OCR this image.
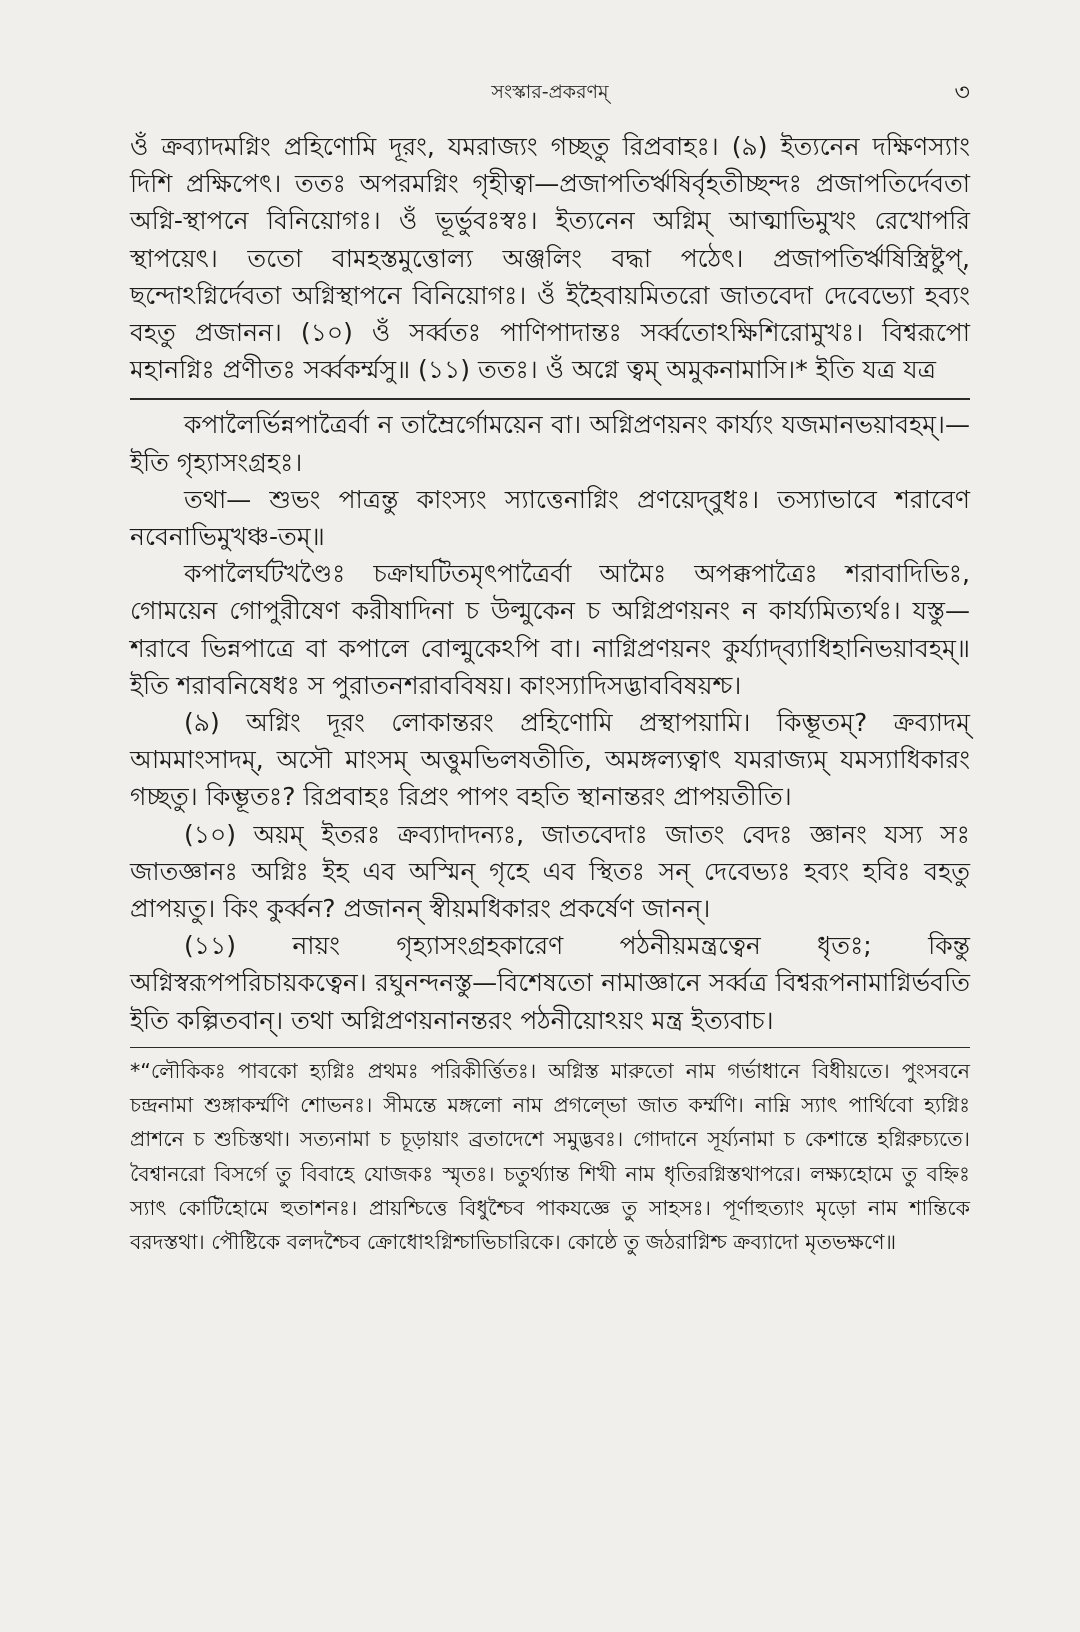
সংস্কার-প্রকরণম্	৩

ওঁ ক্রব্যাদমগ্নিং প্রহিণোমি দূরং, যমরাজ্যং গচ্ছতু রিপ্রবাহঃ। (৯) ইত্যনেন দক্ষিণস্যাং দিশি প্রক্ষিপেৎ। ততঃ অপরমগ্নিং গৃহীত্বা—প্রজাপতির্ঋষির্বৃহতীচ্ছন্দঃ প্রজাপতির্দেবতা অগ্নি-স্থাপনে বিনিয়োগঃ। ওঁ ভূর্ভুবঃস্বঃ। ইত্যনেন অগ্নিম্ আত্মাভিমুখং রেখোপরি স্থাপয়েৎ। ততো বামহস্তমুত্তোল্য অঞ্জলিং বদ্ধা পঠেৎ। প্রজাপতির্ঋষিস্ত্রিষ্টুপ্‌, ছন্দোঽগ্নির্দেবতা অগ্নিস্থাপনে বিনিয়োগঃ। ওঁ ইহৈবায়মিতরো জাতবেদা দেবেভ্যো হব্যং বহতু প্রজানন। (১০) ওঁ সর্ব্বতঃ পাণিপাদান্তঃ সর্ব্বতোঽক্ষিশিরোমুখঃ। বিশ্বরূপো মহানগ্নিঃ প্রণীতঃ সর্ব্বকর্ম্মসু॥ (১১) ততঃ। ওঁ অগ্নে ত্বম্ অমুকনামাসি।* ইতি যত্র যত্র

কপালৈর্ভিন্নপাত্রৈর্বা ন তাম্রৈর্গোময়েন বা। অগ্নিপ্রণয়নং কার্য্যং যজমানভয়াবহম্।—ইতি গৃহ্যাসংগ্রহঃ।

তথা— শুভং পাত্রন্তু কাংস্যং স্যাত্তেনাগ্নিং প্রণয়েদ্‌বুধঃ। তস্যাভাবে শরাবেণ নবেনাভিমুখঞ্চ-তম্॥

কপালৈর্ঘটখণ্ডৈঃ চক্রাঘটিতমৃৎপাত্রৈর্বা আমৈঃ অপক্কপাত্রৈঃ শরাবাদিভিঃ, গোময়েন গোপুরীষেণ করীষাদিনা চ উল্মুকেন চ অগ্নিপ্রণয়নং ন কার্য্যমিত্যর্থঃ। যস্তু—শরাবে ভিন্নপাত্রে বা কপালে বোল্মুকেঽপি বা। নাগ্নিপ্রণয়নং কুর্য্যাদ্‌ব্যাধিহানিভয়াবহম্॥ ইতি শরাবনিষেধঃ স পুরাতনশরাববিষয়। কাংস্যাদিসদ্ভাববিষয়শ্চ।

(৯) অগ্নিং দূরং লোকান্তরং প্রহিণোমি প্রস্থাপয়ামি। কিম্ভূতম্? ক্রব্যাদম্ আমমাংসাদম্, অসৌ মাংসম্ অত্তুমভিলষতীতি, অমঙ্গল্যত্বাৎ যমরাজ্যম্ যমস্যাধিকারং গচ্ছতু। কিম্ভূতঃ? রিপ্রবাহঃ রিপ্রং পাপং বহতি স্থানান্তরং প্রাপয়তীতি।

(১০) অয়ম্ ইতরঃ ক্রব্যাদাদন্যঃ, জাতবেদাঃ জাতং বেদঃ জ্ঞানং যস্য সঃ জাতজ্ঞানঃ অগ্নিঃ ইহ এব অস্মিন্ গৃহে এব স্থিতঃ সন্ দেবেভ্যঃ হব্যং হবিঃ বহতু প্রাপয়তু। কিং কুর্ব্বন? প্রজানন্ স্বীয়মধিকারং প্রকর্ষেণ জানন্।

(১১) নায়ং গৃহ্যাসংগ্রহকারেণ পঠনীয়মন্ত্রত্বেন ধৃতঃ; কিন্তু অগ্নিস্বরূপপরিচায়কত্বেন। রঘুনন্দনস্তু—বিশেষতো নামাজ্ঞানে সর্ব্বত্র বিশ্বরূপনামাগ্নির্ভবতি ইতি কল্পিতবান্। তথা অগ্নিপ্রণয়নানন্তরং পঠনীয়োঽয়ং মন্ত্র ইত্যবাচ।

*“লৌকিকঃ পাবকো হ্যগ্নিঃ প্রথমঃ পরিকীর্ত্তিতঃ। অগ্নিস্ত মারুতো নাম গর্ভাধানে বিধীয়তে। পুংসবনে চন্দ্রনামা শুঙ্গাকর্ম্মণি শোভনঃ। সীমন্তে মঙ্গলো নাম প্রগল্ভো জাত কর্ম্মণি। নাম্নি স্যাৎ পার্থিবো হ্যগ্নিঃ প্রাশনে চ শুচিস্তথা। সত্যনামা চ চূড়ায়াং ব্রতাদেশে সমুদ্ভবঃ। গোদানে সূর্য্যনামা চ কেশান্তে হগ্নিরুচ্যতে। বৈশ্বানরো বিসর্গে তু বিবাহে যোজকঃ স্মৃতঃ। চতুর্থ্যান্ত শিখী নাম ধৃতিরগ্নিস্তথাপরে। লক্ষ্যহোমে তু বহ্নিঃ স্যাৎ কোটিহোমে হুতাশনঃ। প্রায়শ্চিত্তে বিধুশ্চৈব পাকযজ্ঞে তু সাহসঃ। পূর্ণাহুত্যাং মৃড়ো নাম শান্তিকে বরদস্তথা। পৌষ্টিকে বলদশ্চৈব ক্রোধোঽগ্নিশ্চাভিচারিকে। কোষ্ঠে তু জঠরাগ্নিশ্চ ক্রব্যাদো মৃতভক্ষণে॥
